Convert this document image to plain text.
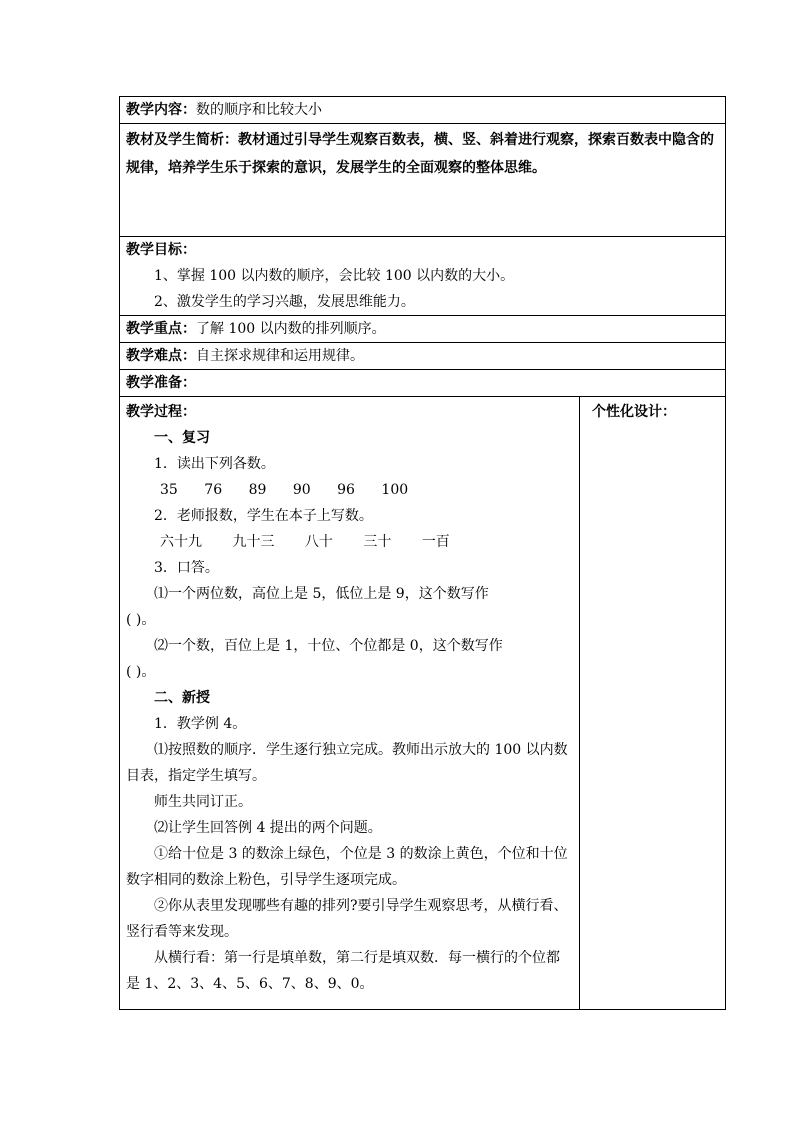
教学内容：数的顺序和比较大小

教材及学生简析：教材通过引导学生观察百数表，横、竖、斜着进行观察，探索百数表中隐含的规律，培养学生乐于探索的意识，发展学生的全面观察的整体思维。

教学目标：

1、掌握 100 以内数的顺序，会比较 100 以内数的大小。

2、激发学生的学习兴趣，发展思维能力。

教学重点：了解 100 以内数的排列顺序。
教学难点：自主探求规律和运用规律。
教学准备：

教学过程：

一、复习

1．读出下列各数。

35 76 89 90 96 100

2．老师报数，学生在本子上写数。

六十九 九十三 八十 三十 一百

3．口答。

⑴一个两位数，高位上是 5，低位上是 9，这个数写作

( )。

⑵一个数，百位上是 1，十位、个位都是 0，这个数写作

( )。

二、新授

1．教学例 4。

⑴按照数的顺序．学生逐行独立完成。教师出示放大的 100 以内数目表，指定学生填写。

师生共同订正。

⑵让学生回答例 4 提出的两个问题。

①给十位是 3 的数涂上绿色，个位是 3 的数涂上黄色，个位和十位数字相同的数涂上粉色，引导学生逐项完成。

②你从表里发现哪些有趣的排列?要引导学生观察思考，从横行看、竖行看等来发现。

从横行看：第一行是填单数，第二行是填双数．每一横行的个位都是 1、2、3、4、5、6、7、8、9、0。

个性化设计：
